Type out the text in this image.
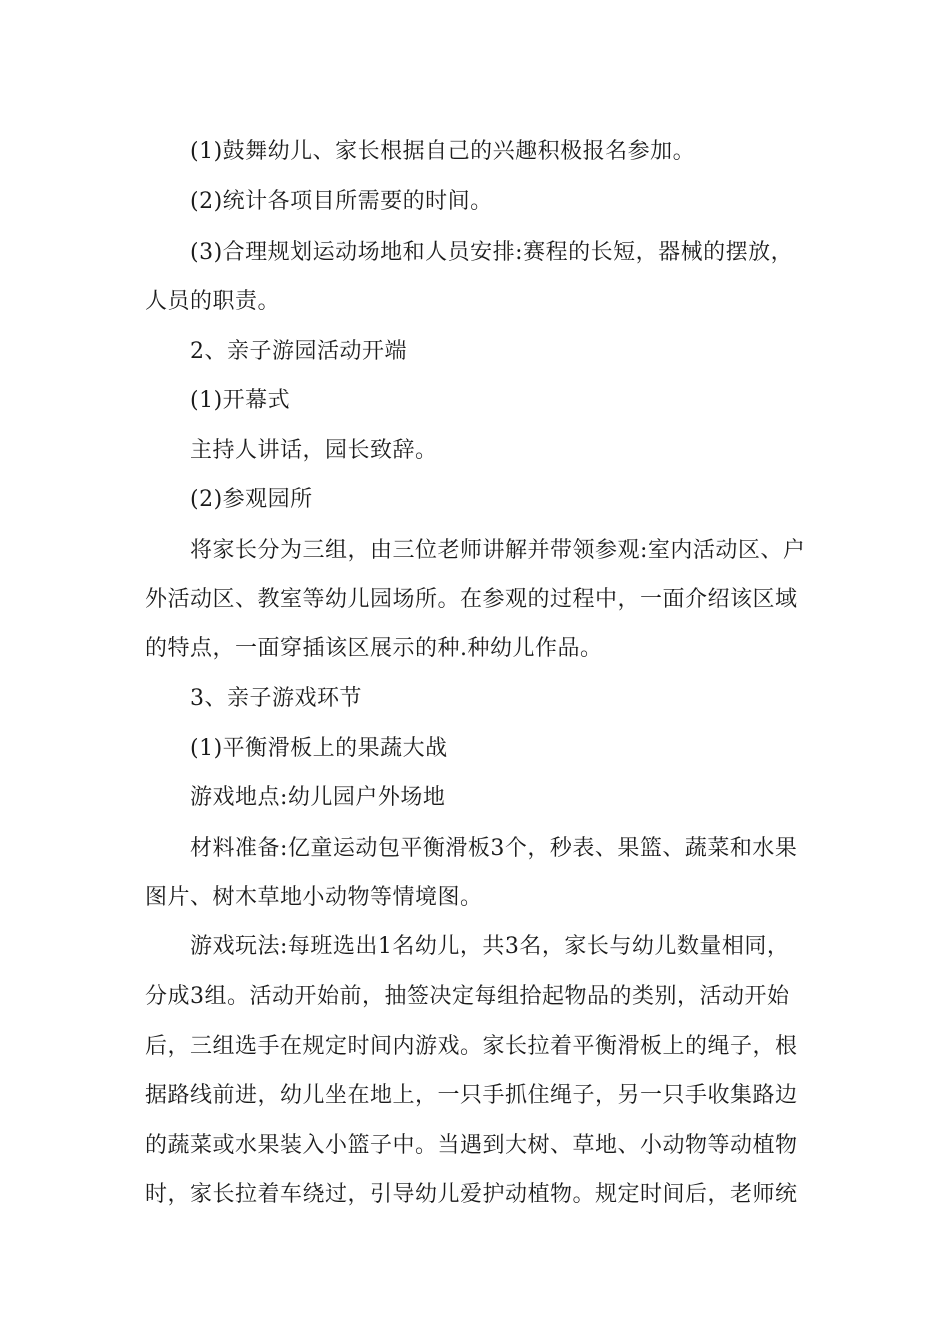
(1)鼓舞幼儿、家长根据自己的兴趣积极报名参加。
(2)统计各项目所需要的时间。
(3)合理规划运动场地和人员安排:赛程的长短，器械的摆放，
人员的职责。
2、亲子游园活动开端
(1)开幕式
主持人讲话，园长致辞。
(2)参观园所
将家长分为三组，由三位老师讲解并带领参观:室内活动区、户
外活动区、教室等幼儿园场所。在参观的过程中，一面介绍该区域
的特点，一面穿插该区展示的种.种幼儿作品。
3、亲子游戏环节
(1)平衡滑板上的果蔬大战
游戏地点:幼儿园户外场地
材料准备:亿童运动包平衡滑板3个，秒表、果篮、蔬菜和水果
图片、树木草地小动物等情境图。
游戏玩法:每班选出1名幼儿，共3名，家长与幼儿数量相同，
分成3组。活动开始前，抽签决定每组拾起物品的类别，活动开始
后，三组选手在规定时间内游戏。家长拉着平衡滑板上的绳子，根
据路线前进，幼儿坐在地上，一只手抓住绳子，另一只手收集路边
的蔬菜或水果装入小篮子中。当遇到大树、草地、小动物等动植物
时，家长拉着车绕过，引导幼儿爱护动植物。规定时间后，老师统
